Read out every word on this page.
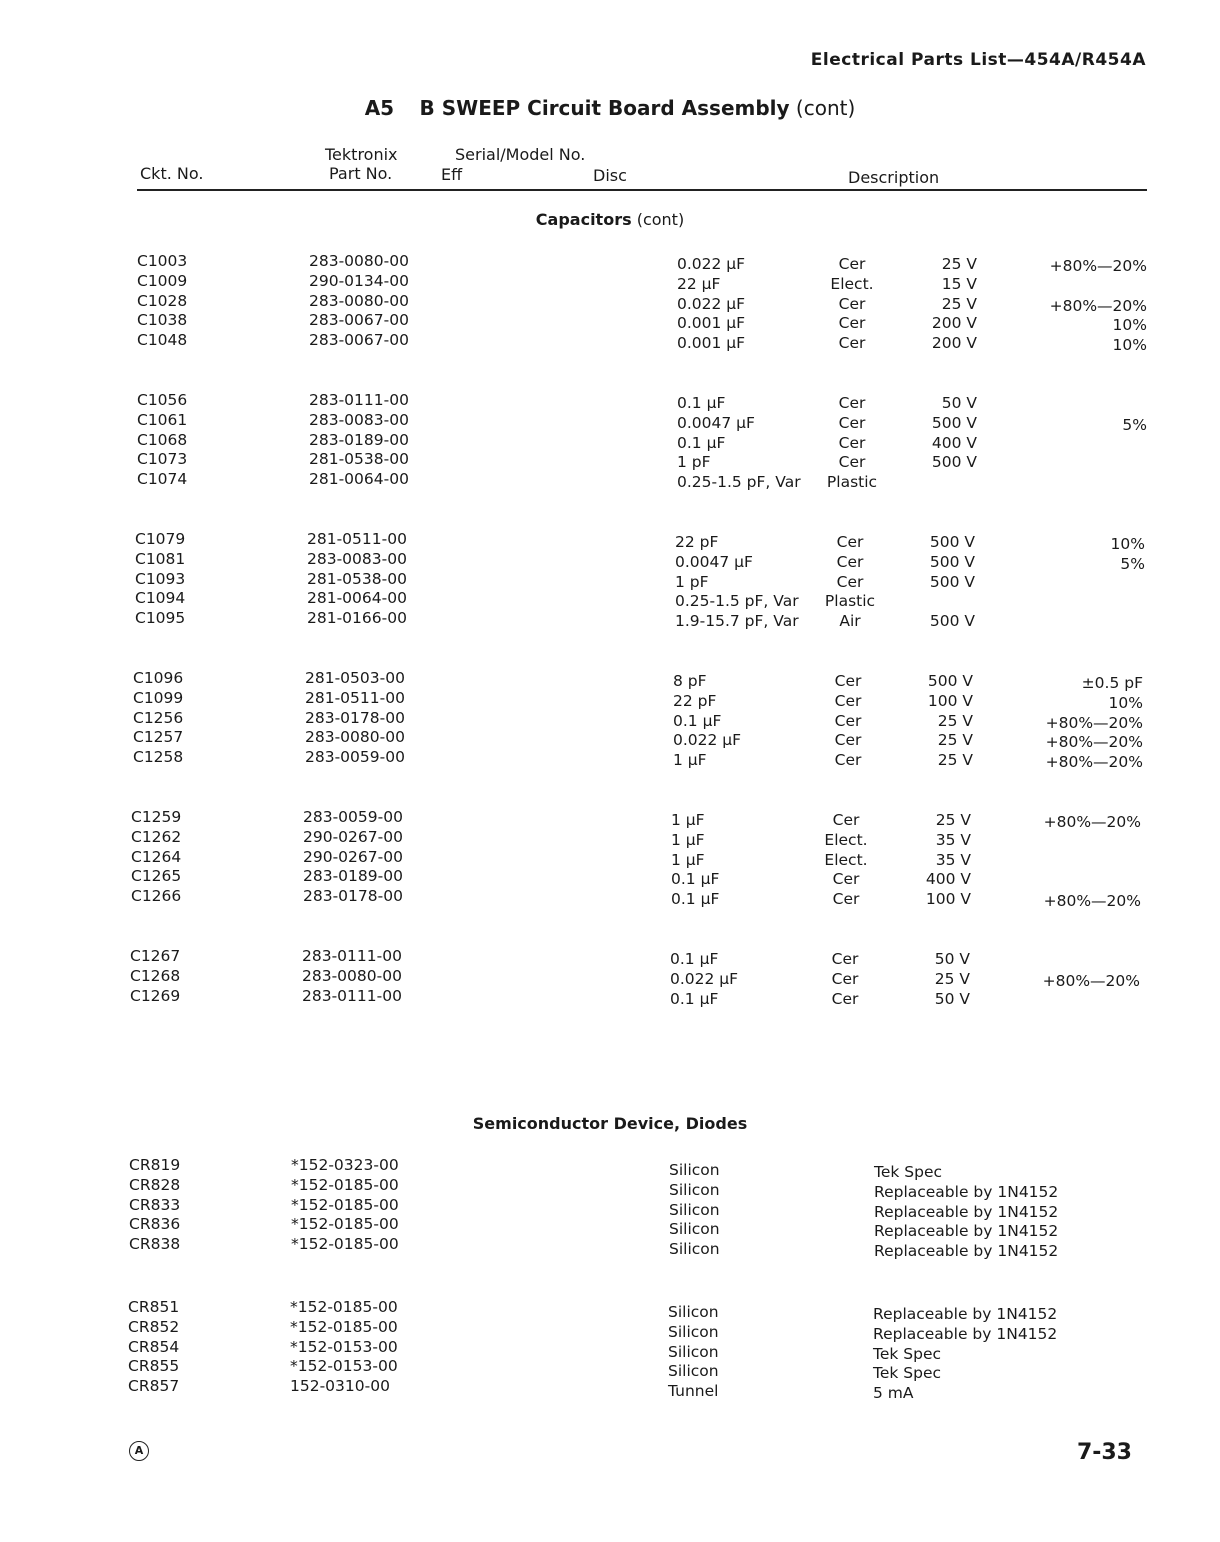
Electrical Parts List—454A/R454A
A5 B SWEEP Circuit Board Assembly (cont)
Ckt. No.
Tektronix
Part No.
Serial/Model No.
Eff	Disc	Description
Capacitors (cont)
C1003	283-0080-00	0.022 μF	Cer	25 V	+80%—20%
C1009	290-0134-00	22 μF	Elect.	15 V
C1028	283-0080-00	0.022 μF	Cer	25 V	+80%—20%
C1038	283-0067-00	0.001 μF	Cer	200 V	10%
C1048	283-0067-00	0.001 μF	Cer	200 V	10%
C1056	283-0111-00	0.1 μF	Cer	50 V
C1061	283-0083-00	0.0047 μF	Cer	500 V	5%
C1068	283-0189-00	0.1 μF	Cer	400 V
C1073	281-0538-00	1 pF	Cer	500 V
C1074	281-0064-00	0.25-1.5 pF, Var	Plastic
C1079	281-0511-00	22 pF	Cer	500 V	10%
C1081	283-0083-00	0.0047 μF	Cer	500 V	5%
C1093	281-0538-00	1 pF	Cer	500 V
C1094	281-0064-00	0.25-1.5 pF, Var	Plastic
C1095	281-0166-00	1.9-15.7 pF, Var	Air	500 V
C1096	281-0503-00	8 pF	Cer	500 V	±0.5 pF
C1099	281-0511-00	22 pF	Cer	100 V	10%
C1256	283-0178-00	0.1 μF	Cer	25 V	+80%—20%
C1257	283-0080-00	0.022 μF	Cer	25 V	+80%—20%
C1258	283-0059-00	1 μF	Cer	25 V	+80%—20%
C1259	283-0059-00	1 μF	Cer	25 V	+80%—20%
C1262	290-0267-00	1 μF	Elect.	35 V
C1264	290-0267-00	1 μF	Elect.	35 V
C1265	283-0189-00	0.1 μF	Cer	400 V
C1266	283-0178-00	0.1 μF	Cer	100 V	+80%—20%
C1267	283-0111-00	0.1 μF	Cer	50 V
C1268	283-0080-00	0.022 μF	Cer	25 V	+80%—20%
C1269	283-0111-00	0.1 μF	Cer	50 V
Semiconductor Device, Diodes
CR819	*152-0323-00	Silicon	Tek Spec
CR828	*152-0185-00	Silicon	Replaceable by 1N4152
CR833	*152-0185-00	Silicon	Replaceable by 1N4152
CR836	*152-0185-00	Silicon	Replaceable by 1N4152
CR838	*152-0185-00	Silicon	Replaceable by 1N4152
CR851	*152-0185-00	Silicon	Replaceable by 1N4152
CR852	*152-0185-00	Silicon	Replaceable by 1N4152
CR854	*152-0153-00	Silicon	Tek Spec
CR855	*152-0153-00	Silicon	Tek Spec
CR857	152-0310-00	Tunnel	5 mA
A	7-33
